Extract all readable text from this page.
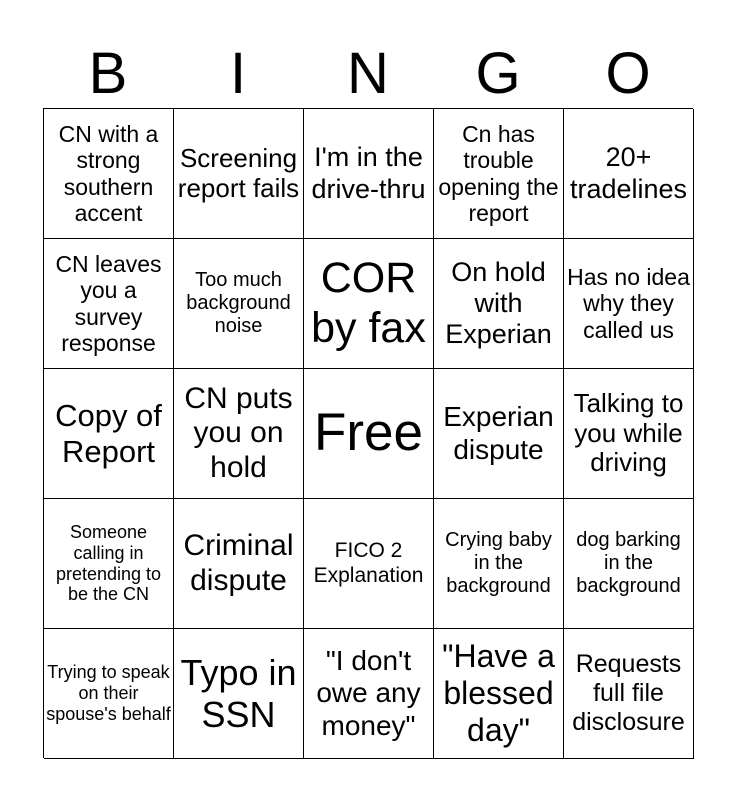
B	I	N	G	O
CN with a strong southern accent
Screening report fails
I'm in the drive-thru
Cn has trouble opening the report
20+ tradelines
CN leaves you a survey response
Too much background noise
COR by fax
On hold with Experian
Has no idea why they called us
Copy of Report
CN puts you on hold
Free Experian dispute
Talking to you while driving
Someone calling in pretending to be the CN
Criminal dispute
FICO 2 Explanation
Crying baby in the background
dog barking in the background
Trying to speak on their spouse's behalf
Typo in SSN
"I don't owe any money"
"Have a blessed day"
Requests full file disclosure
